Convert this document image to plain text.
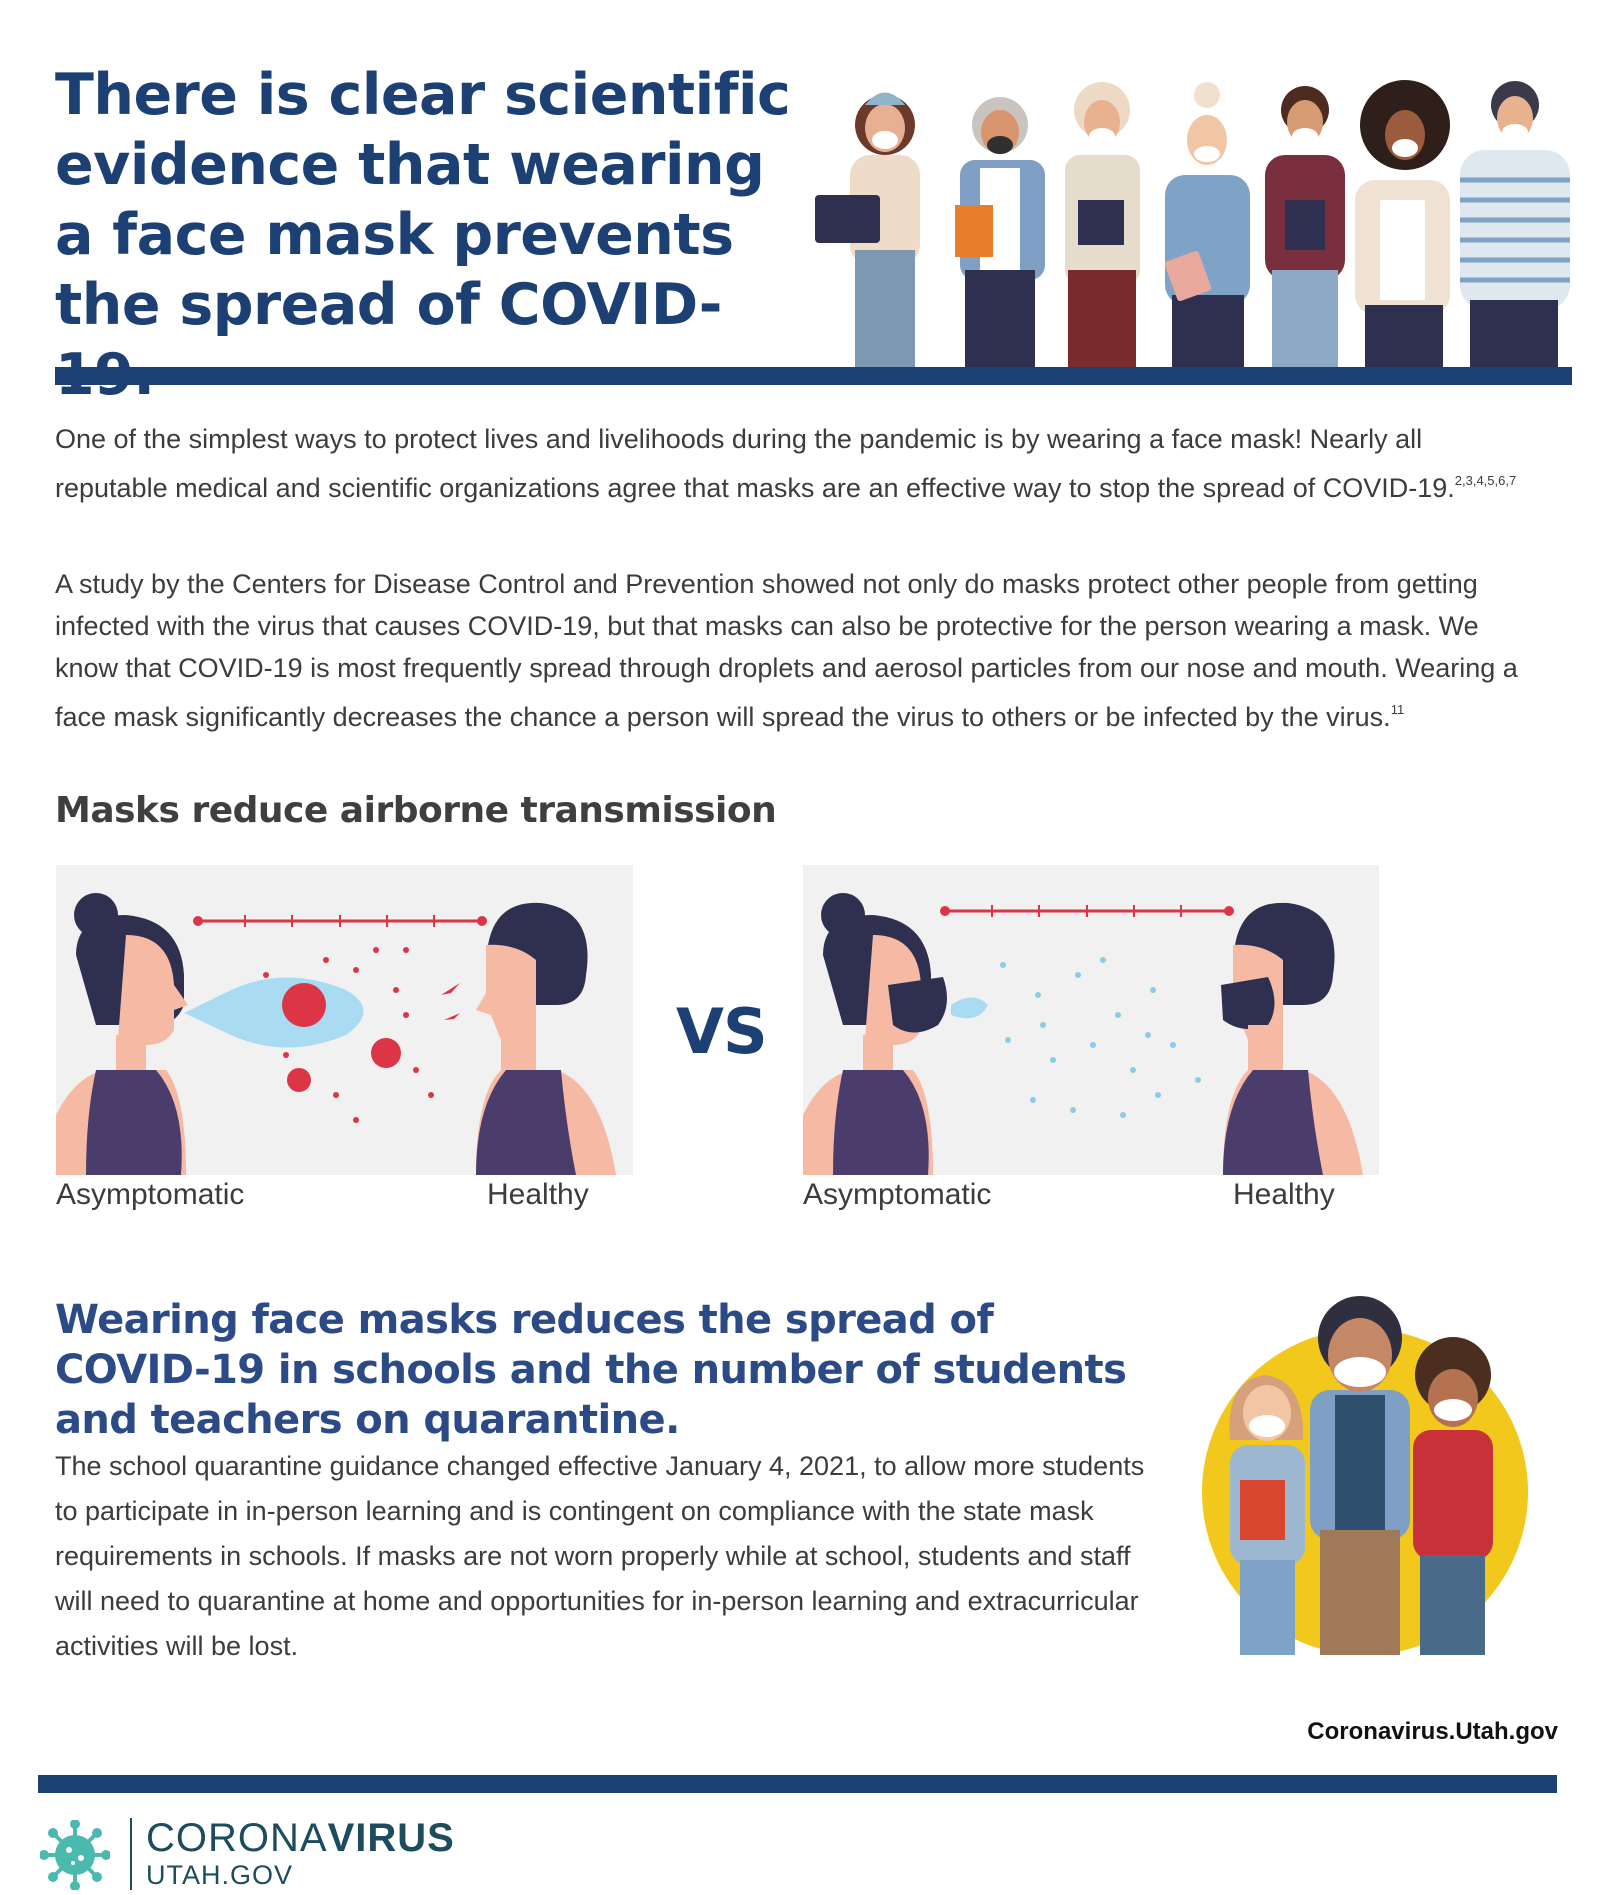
There is clear scientific evidence that wearing a face mask prevents the spread of COVID-

One of the simplest ways to protect lives and livelihoods during the pandemic is by wearing a face mask! Nearly all reputable medical and scientific organizations agree that masks are an effective way to stop the spread of COVID-19.$^{2,3,4,5,6,7}$

A study by the Centers for Disease Control and Prevention showed not only do masks protect other people from getting infected with the virus that causes COVID-19, but that masks can also be protective for the person wearing a mask. We know that COVID-19 is most frequently spread through droplets and aerosol particles from our nose and mouth. Wearing a face mask significantly decreases the chance a person will spread the virus to others or be infected by the virus.$^{11}$

Masks reduce airborne transmission
VS
Asymptomatic	Healthy	Asymptomatic	Healthy
Wearing face masks reduces the spread of COVID-19 in schools and the number of students and teachers on quarantine.

The school quarantine guidance changed effective January 4, 2021, to allow more students to participate in in-person learning and is contingent on compliance with the state mask requirements in schools. If masks are not worn properly while at school, students and staff will need to quarantine at home and opportunities for in-person learning and extracurricular activities will be lost.

Coronavirus.Utah.gov
CORONAVIRUS
UTAH.GOV
